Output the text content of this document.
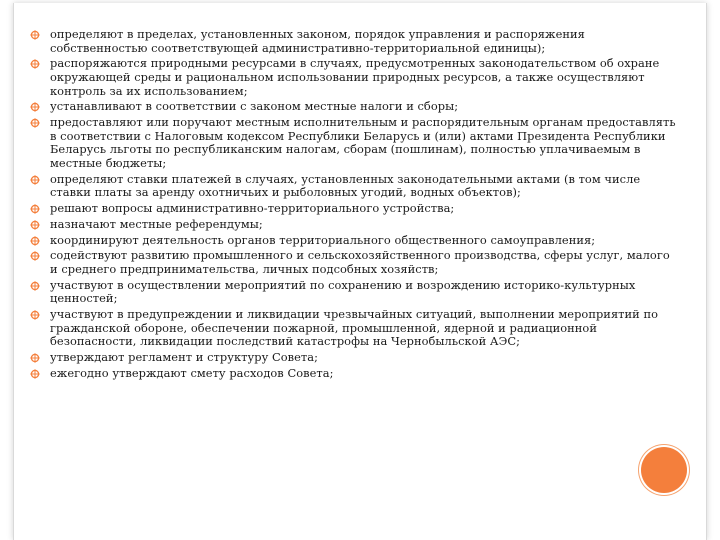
определяют в пределах, установленных законом, порядок управления и распоряжения собственностью соответствующей административно-территориальной единицы);
распоряжаются природными ресурсами в случаях, предусмотренных законодательством об охране окружающей среды и рациональном использовании природных ресурсов, а также осуществляют контроль за их использованием;
устанавливают в соответствии с законом местные налоги и сборы;
предоставляют или поручают местным исполнительным и распорядительным органам предоставлять в соответствии с Налоговым кодексом Республики Беларусь и (или) актами Президента Республики Беларусь льготы по республиканским налогам, сборам (пошлинам), полностью уплачиваемым в местные бюджеты;
определяют ставки платежей в случаях, установленных законодательными актами (в том числе ставки платы за аренду охотничьих и рыболовных угодий, водных объектов);
решают вопросы административно-территориального устройства;
назначают местные референдумы;
координируют деятельность органов территориального общественного самоуправления;
содействуют развитию промышленного и сельскохозяйственного производства, сферы услуг, малого и среднего предпринимательства, личных подсобных хозяйств;
участвуют в осуществлении мероприятий по сохранению и возрождению историко-культурных ценностей;
участвуют в предупреждении и ликвидации чрезвычайных ситуаций, выполнении мероприятий по гражданской обороне, обеспечении пожарной, промышленной, ядерной и радиационной безопасности, ликвидации последствий катастрофы на Чернобыльской АЭС;
утверждают регламент и структуру Совета;
ежегодно утверждают смету расходов Совета;
